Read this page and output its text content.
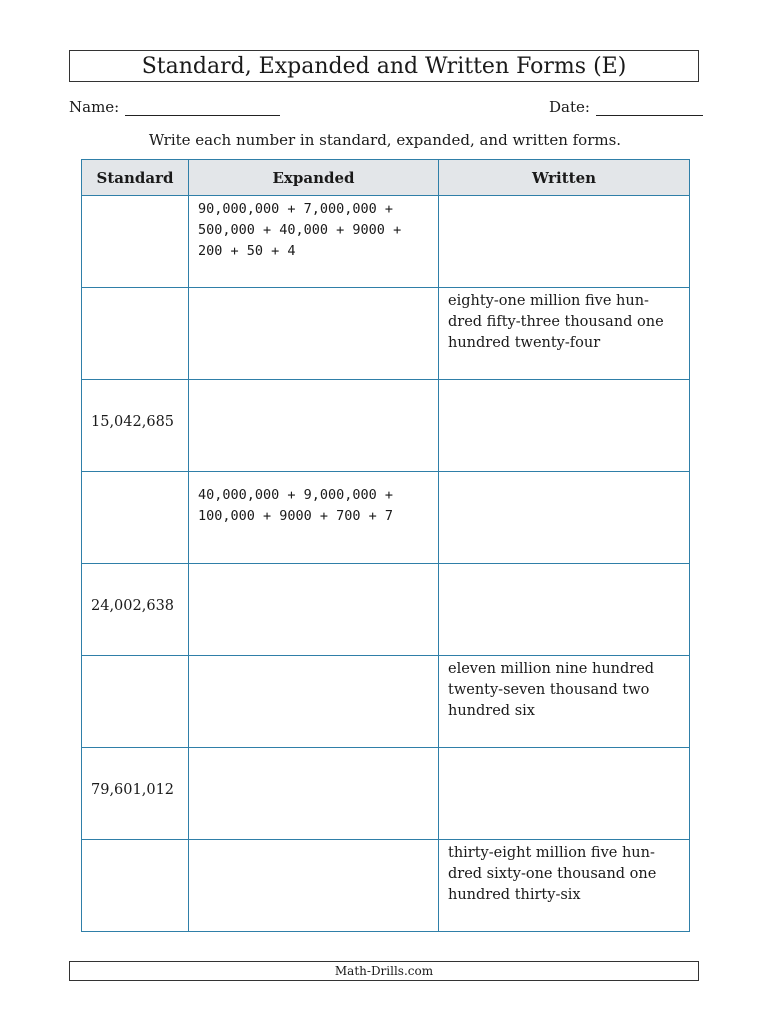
Standard, Expanded and Written Forms (E)
Name:	Date:
Write each number in standard, expanded, and written forms.
Standard	Expanded	Written

	90,000,000 + 7,000,000 + 500,000 + 40,000 + 9000 + 200 + 50 + 4	

		eighty-one million five hun-dred fifty-three thousand one hundred twenty-four

15,042,685		

	40,000,000 + 9,000,000 + 100,000 + 9000 + 700 + 7	

24,002,638		

		eleven million nine hundred twenty-seven thousand two hundred six

79,601,012		

		thirty-eight million five hun-dred sixty-one thousand one hundred thirty-six
Math-Drills.com
